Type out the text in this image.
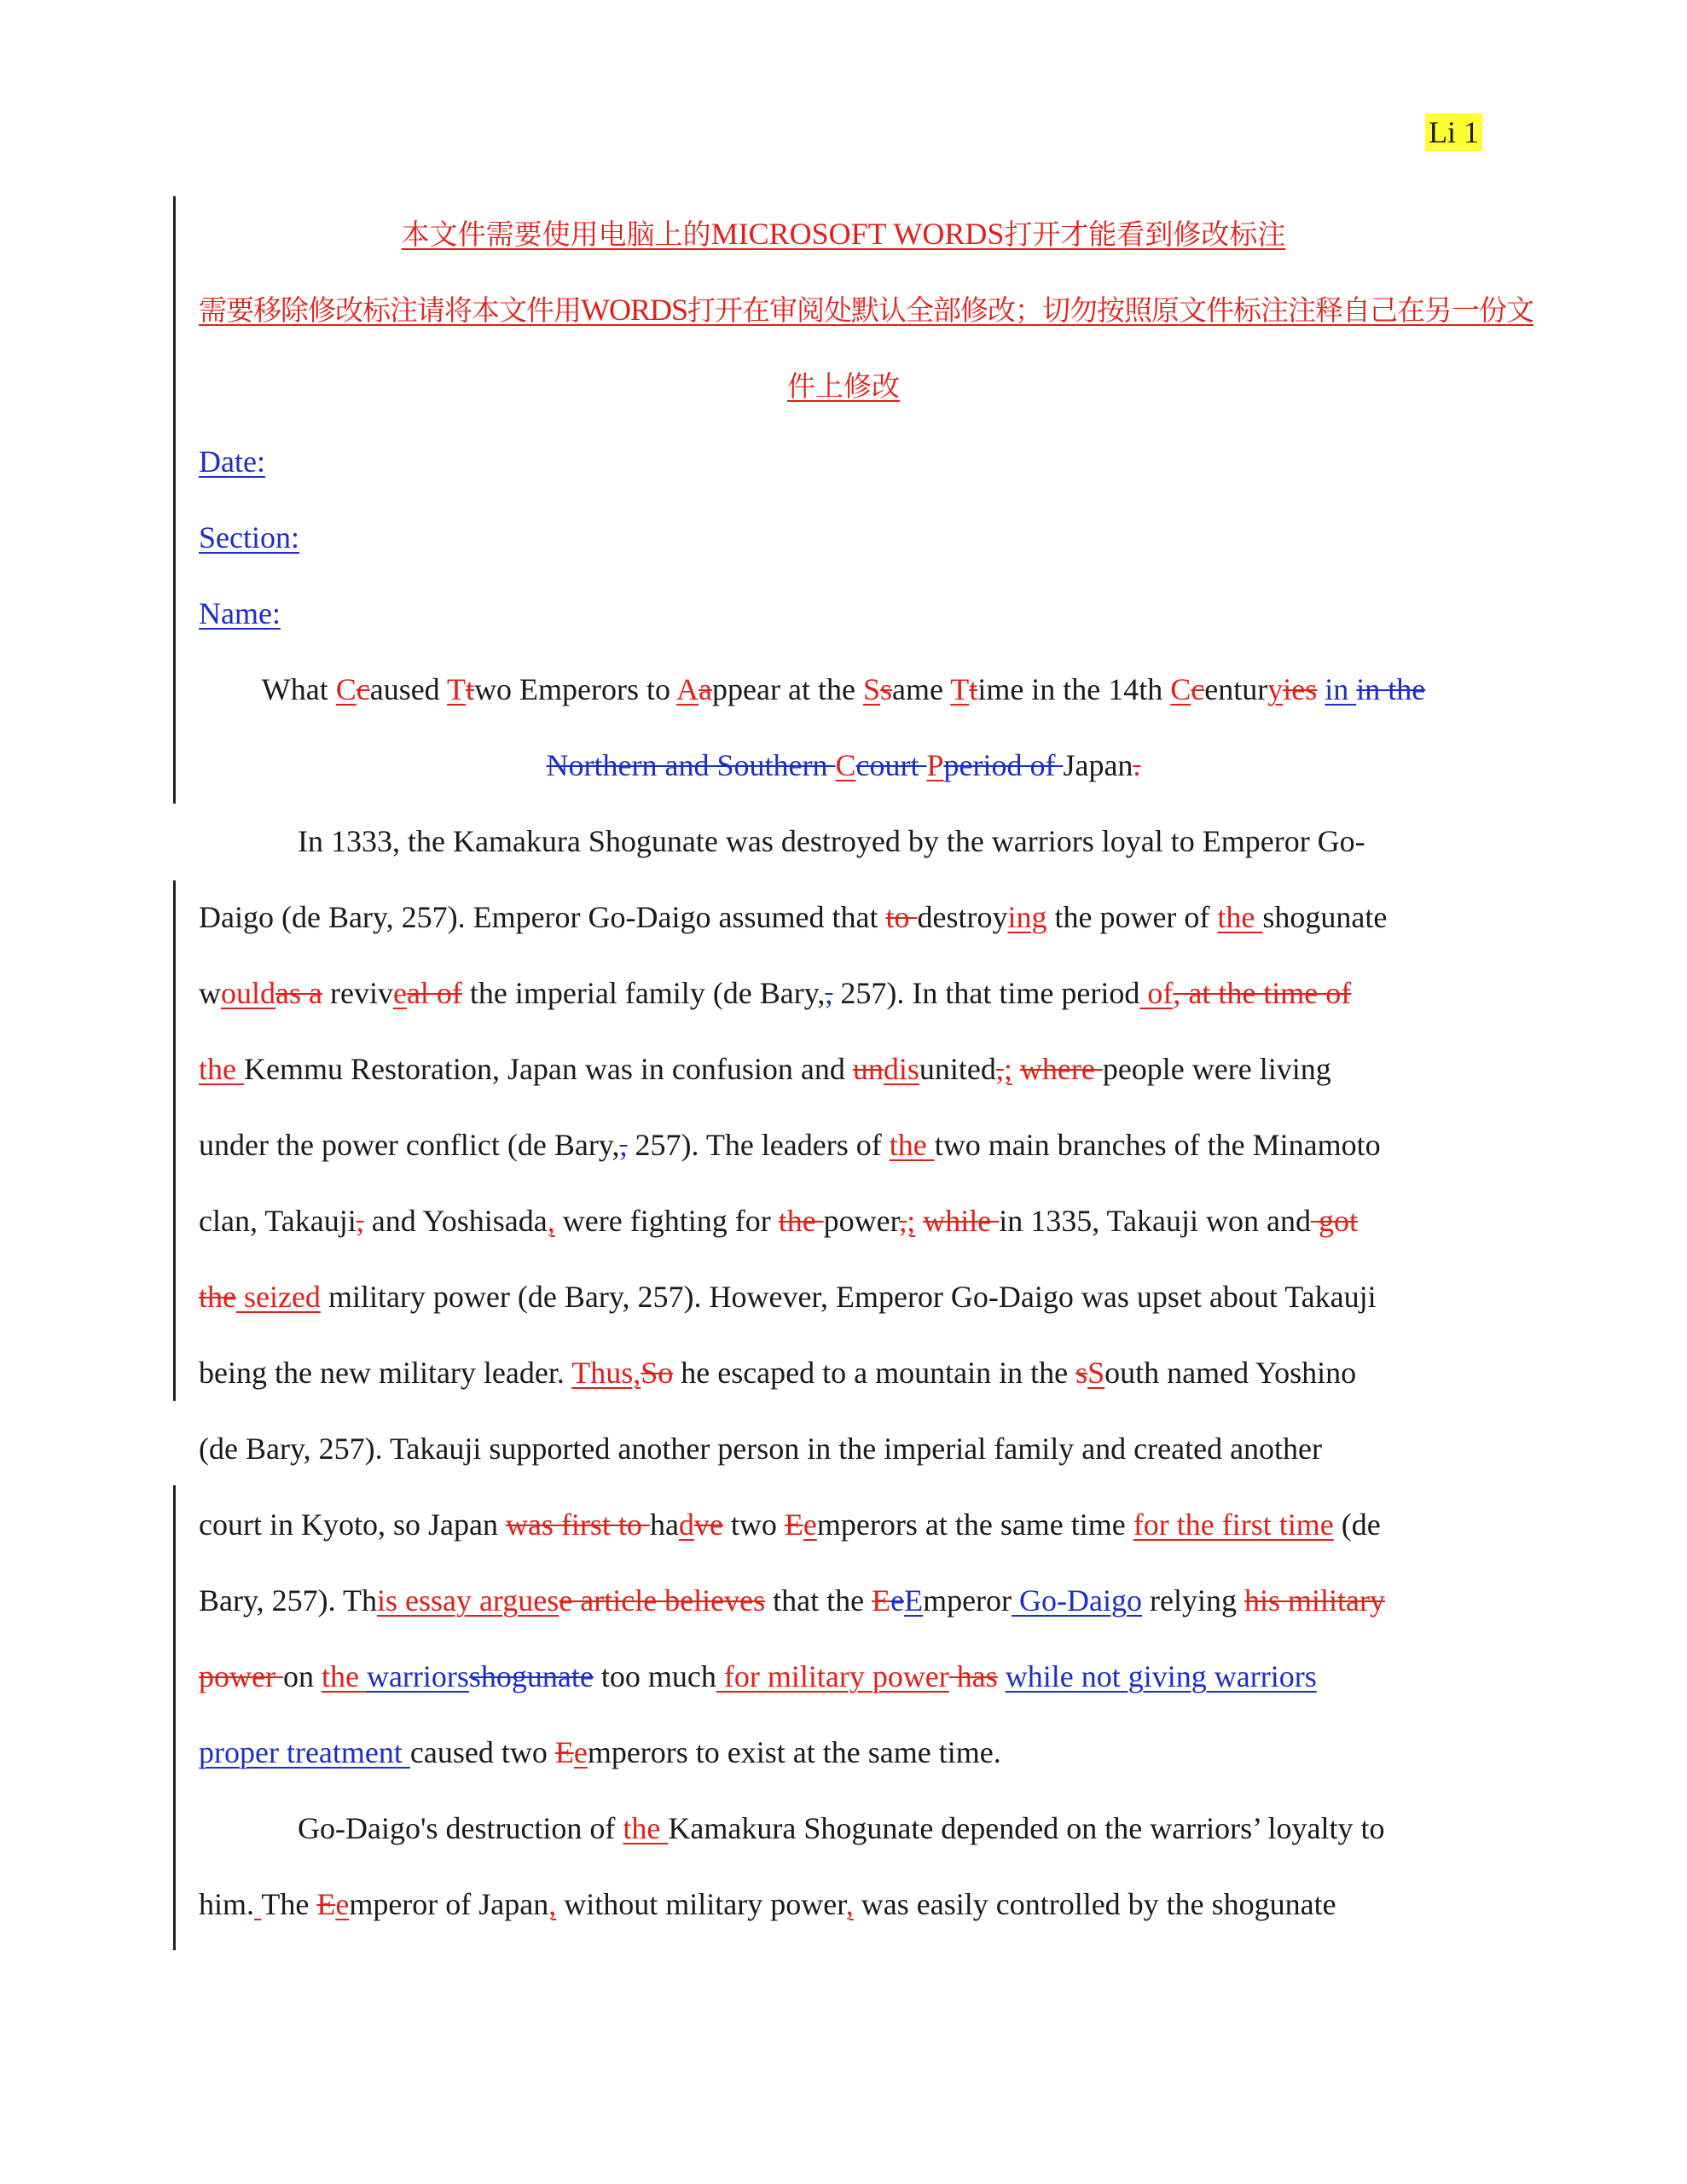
Li 1
本文件需要使用电脑上的MICROSOFT WORDS打开才能看到修改标注
需要移除修改标注请将本文件用WORDS打开在审阅处默认全部修改；切勿按照原文件标注注释自己在另一份文
件上修改
Date:
Section:
Name:
What Ccaused Ttwo Emperors to Aappear at the Ssame Ttime in the 14th Ccenturyies in in the
Northern and Southern Ccourt Pperiod of Japan.
In 1333, the Kamakura Shogunate was destroyed by the warriors loyal to Emperor Go-
Daigo (de Bary, 257). Emperor Go-Daigo assumed that to destroying the power of the shogunate
wouldas a reviveal of the imperial family (de Bary,, 257). In that time period of, at the time of
the Kemmu Restoration, Japan was in confusion and undisunited,; where people were living
under the power conflict (de Bary,, 257). The leaders of the two main branches of the Minamoto
clan, Takauji, and Yoshisada, were fighting for the power,; while in 1335, Takauji won and got
the seized military power (de Bary, 257). However, Emperor Go-Daigo was upset about Takauji
being the new military leader. Thus,So he escaped to a mountain in the sSouth named Yoshino
(de Bary, 257). Takauji supported another person in the imperial family and created another
court in Kyoto, so Japan was first to hadve two Eemperors at the same time for the first time (de
Bary, 257). This essay arguese article believes that the EeEmperor Go-Daigo relying his military
power on the warriorsshogunate too much for military power has while not giving warriors
proper treatment caused two Eemperors to exist at the same time.
Go-Daigo's destruction of the Kamakura Shogunate depended on the warriors’ loyalty to
him. The Eemperor of Japan, without military power, was easily controlled by the shogunate
